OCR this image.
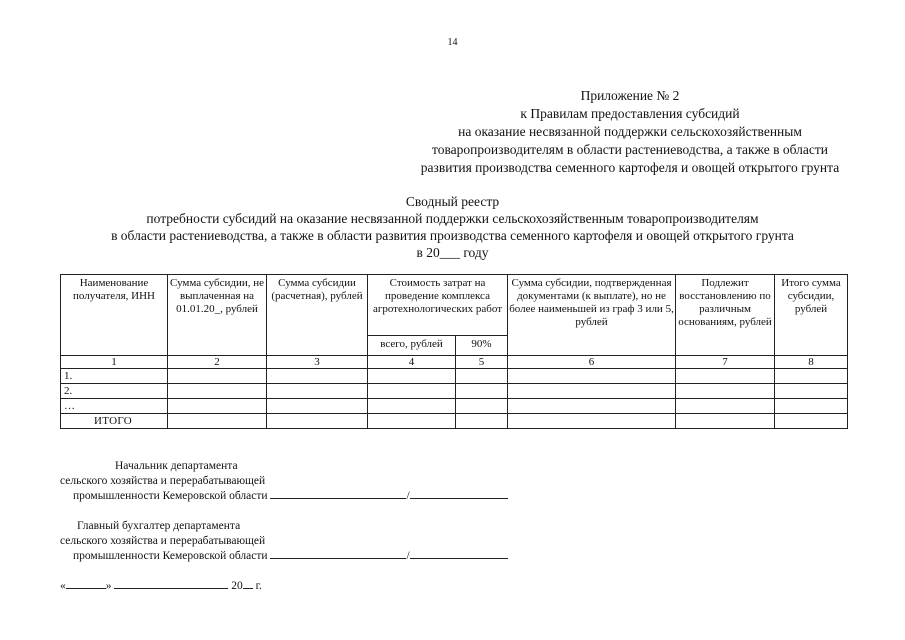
14
Приложение № 2
к Правилам предоставления субсидий
на оказание несвязанной поддержки сельскохозяйственным
товаропроизводителям в области растениеводства, а также в области
развития производства семенного картофеля и овощей открытого грунта
Сводный реестр
потребности субсидий на оказание несвязанной поддержки сельскохозяйственным товаропроизводителям
в области растениеводства, а также в области развития производства семенного картофеля и овощей открытого грунта
в 20___ году
Наименование получателя, ИНН	Сумма субсидии, не выплаченная на 01.01.20_, рублей	Сумма субсидии (расчетная), рублей	Стоимость затрат на проведение комплекса агротехнологических работ		Сумма субсидии, подтвержденная документами (к выплате), но не более наименьшей из граф 3 или 5, рублей	Подлежит восстановлению по различным основаниям, рублей	Итого сумма субсидии, рублей
			всего, рублей	90%			
1	2	3	4	5	6	7	8
1.							
2.							
…							
ИТОГО							
Начальник департамента
сельского хозяйства и перерабатывающей
промышленности Кемеровской области	/
Главный бухгалтер департамента
сельского хозяйства и перерабатывающей
промышленности Кемеровской области	/
«	»	20 г.
